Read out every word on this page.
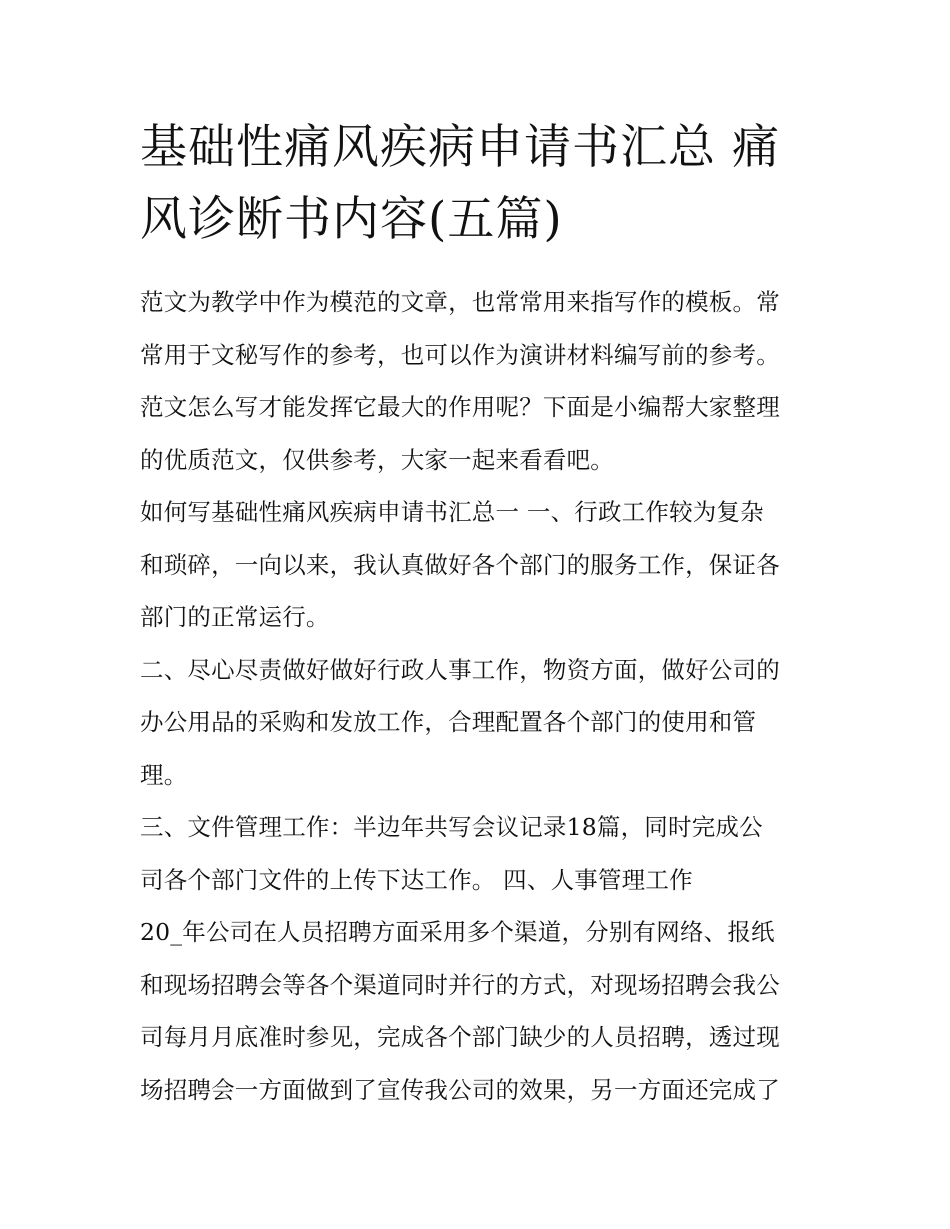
基础性痛风疾病申请书汇总 痛
风诊断书内容(五篇)
范文为教学中作为模范的文章，也常常用来指写作的模板。常
常用于文秘写作的参考，也可以作为演讲材料编写前的参考。
范文怎么写才能发挥它最大的作用呢？下面是小编帮大家整理
的优质范文，仅供参考，大家一起来看看吧。
如何写基础性痛风疾病申请书汇总一 一、行政工作较为复杂
和琐碎，一向以来，我认真做好各个部门的服务工作，保证各
部门的正常运行。
二、尽心尽责做好做好行政人事工作，物资方面，做好公司的
办公用品的采购和发放工作，合理配置各个部门的使用和管
理。
三、文件管理工作：半边年共写会议记录18篇，同时完成公
司各个部门文件的上传下达工作。 四、人事管理工作
20_年公司在人员招聘方面采用多个渠道，分别有网络、报纸
和现场招聘会等各个渠道同时并行的方式，对现场招聘会我公
司每月月底准时参见，完成各个部门缺少的人员招聘，透过现
场招聘会一方面做到了宣传我公司的效果，另一方面还完成了
